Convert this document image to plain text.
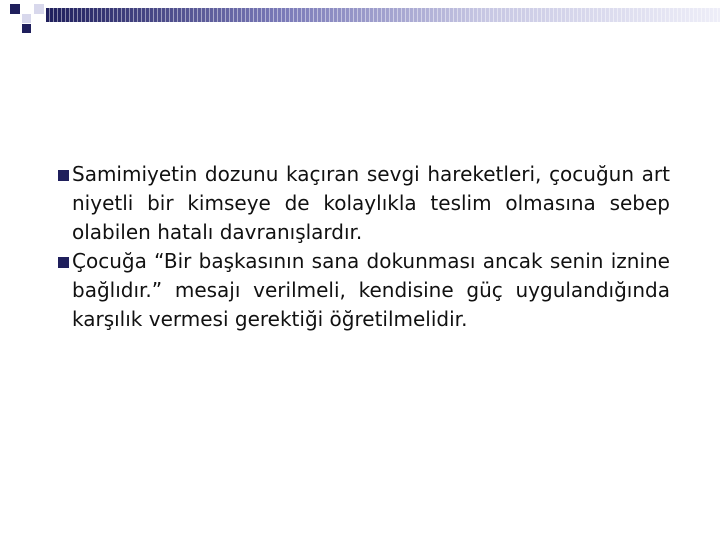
Samimiyetin dozunu kaçıran sevgi hareketleri, çocuğun art niyetli bir kimseye de kolaylıkla teslim olmasına sebep olabilen hatalı davranışlardır.
Çocuğa “Bir başkasının sana dokunması ancak senin iznine bağlıdır.” mesajı verilmeli, kendisine güç uygulandığında karşılık vermesi gerektiği öğretilmelidir.
